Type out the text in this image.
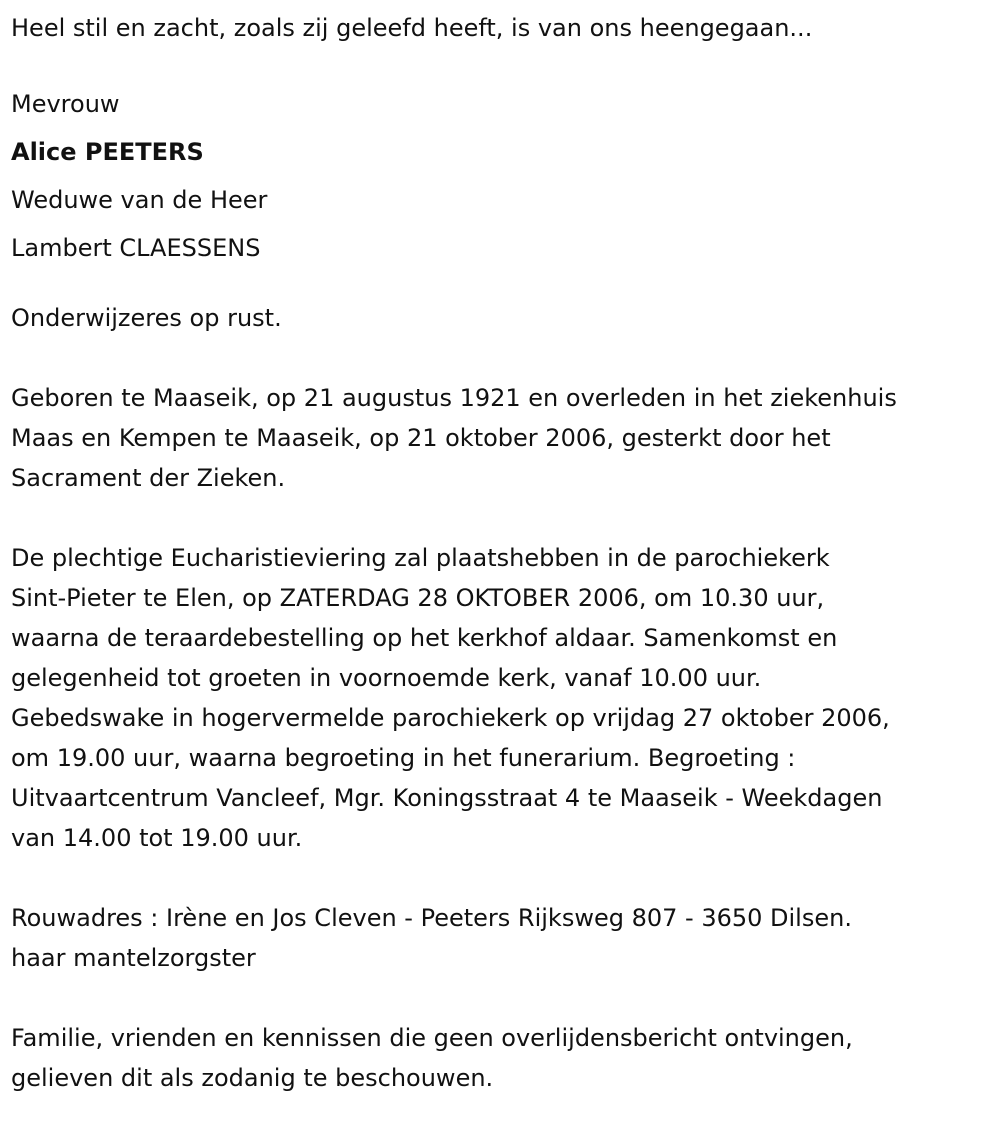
Heel stil en zacht, zoals zij geleefd heeft, is van ons heengegaan...

Mevrouw

Alice PEETERS

Weduwe van de Heer

Lambert CLAESSENS

Onderwijzeres op rust.

Geboren te Maaseik, op 21 augustus 1921 en overleden in het ziekenhuis
Maas en Kempen te Maaseik, op 21 oktober 2006, gesterkt door het
Sacrament der Zieken.

De plechtige Eucharistieviering zal plaatshebben in de parochiekerk
Sint-Pieter te Elen, op ZATERDAG 28 OKTOBER 2006, om 10.30 uur,
waarna de teraardebestelling op het kerkhof aldaar. Samenkomst en
gelegenheid tot groeten in voornoemde kerk, vanaf 10.00 uur.
Gebedswake in hogervermelde parochiekerk op vrijdag 27 oktober 2006,
om 19.00 uur, waarna begroeting in het funerarium. Begroeting :
Uitvaartcentrum Vancleef, Mgr. Koningsstraat 4 te Maaseik - Weekdagen
van 14.00 tot 19.00 uur.

Rouwadres : Irène en Jos Cleven - Peeters Rijksweg 807 - 3650 Dilsen.
haar mantelzorgster

Familie, vrienden en kennissen die geen overlijdensbericht ontvingen,
gelieven dit als zodanig te beschouwen.
